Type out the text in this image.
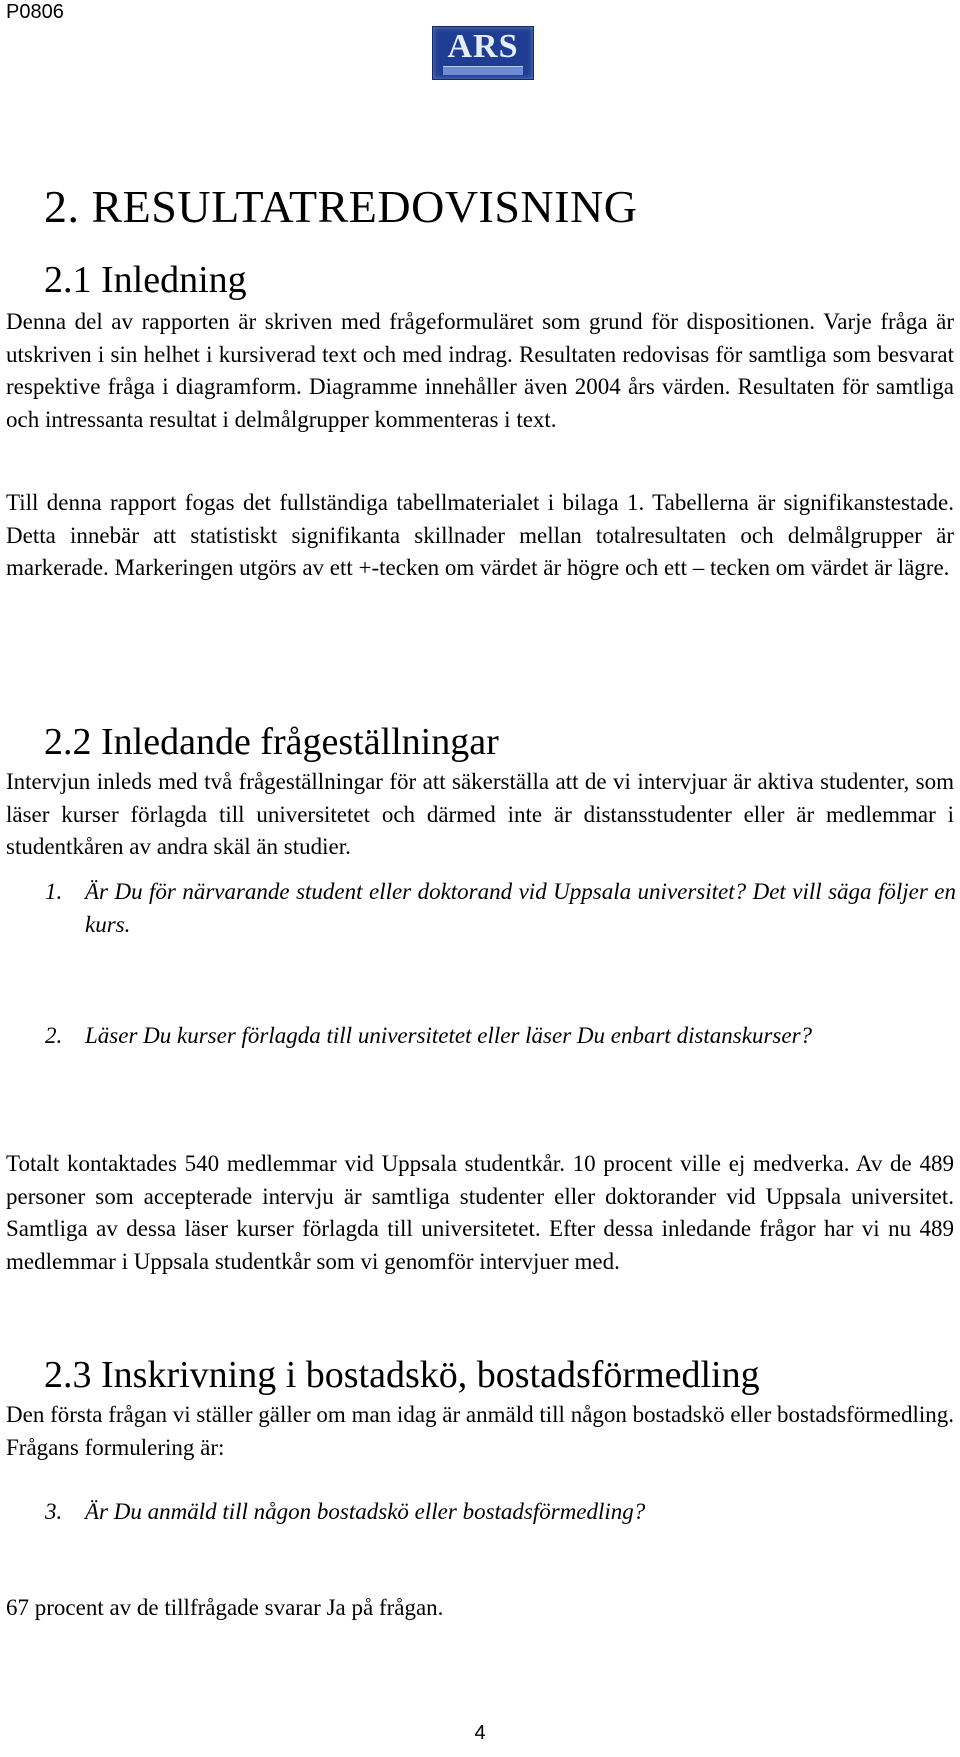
P0806
ARS
2. RESULTATREDOVISNING
2.1 Inledning

Denna del av rapporten är skriven med frågeformuläret som grund för dispositionen. Varje fråga är utskriven i sin helhet i kursiverad text och med indrag. Resultaten redovisas för samtliga som besvarat respektive fråga i diagramform. Diagramme innehåller även 2004 års värden. Resultaten för samtliga och intressanta resultat i delmålgrupper kommenteras i text.

Till denna rapport fogas det fullständiga tabellmaterialet i bilaga 1. Tabellerna är signifikanstestade. Detta innebär att statistiskt signifikanta skillnader mellan totalresultaten och delmålgrupper är markerade. Markeringen utgörs av ett +-tecken om värdet är högre och ett – tecken om värdet är lägre.

2.2 Inledande frågeställningar

Intervjun inleds med två frågeställningar för att säkerställa att de vi intervjuar är aktiva studenter, som läser kurser förlagda till universitetet och därmed inte är distansstudenter eller är medlemmar i studentkåren av andra skäl än studier.

1. Är Du för närvarande student eller doktorand vid Uppsala universitet? Det vill säga följer en kurs.
2. Läser Du kurser förlagda till universitetet eller läser Du enbart distanskurser?

Totalt kontaktades 540 medlemmar vid Uppsala studentkår. 10 procent ville ej medverka. Av de 489 personer som accepterade intervju är samtliga studenter eller doktorander vid Uppsala universitet. Samtliga av dessa läser kurser förlagda till universitetet. Efter dessa inledande frågor har vi nu 489 medlemmar i Uppsala studentkår som vi genomför intervjuer med.

2.3 Inskrivning i bostadskö, bostadsförmedling

Den första frågan vi ställer gäller om man idag är anmäld till någon bostadskö eller bostadsförmedling. Frågans formulering är:

3. Är Du anmäld till någon bostadskö eller bostadsförmedling?

67 procent av de tillfrågade svarar Ja på frågan.

4
